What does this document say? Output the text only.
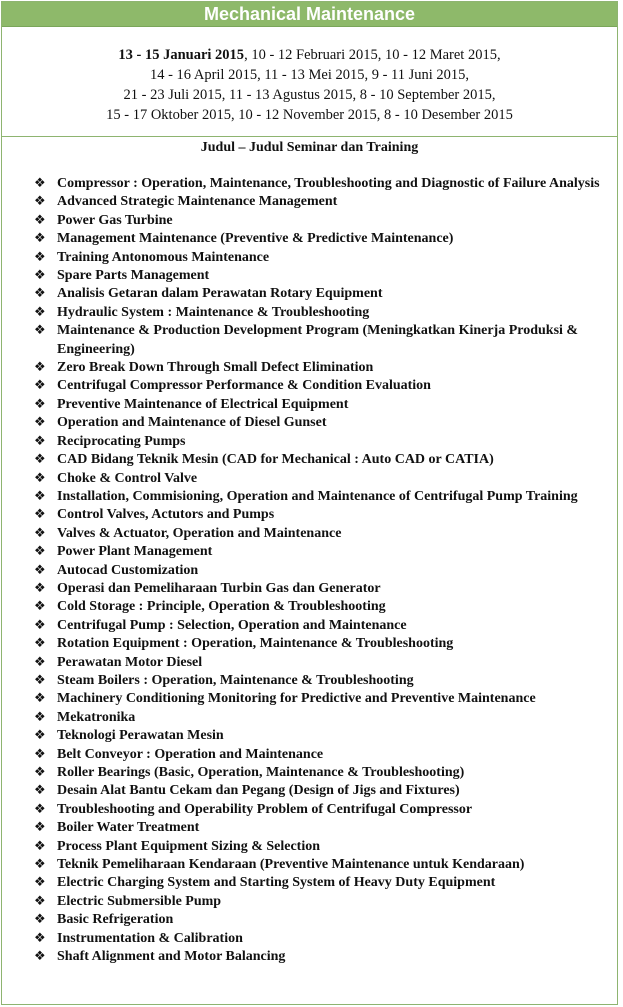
Mechanical Maintenance
13 - 15 Januari 2015, 10 - 12 Februari 2015, 10 - 12 Maret 2015,
14 - 16 April 2015, 11 - 13 Mei 2015, 9 - 11 Juni 2015,
21 - 23 Juli 2015, 11 - 13 Agustus 2015, 8 - 10 September 2015,
15 - 17 Oktober 2015, 10 - 12 November 2015, 8 - 10 Desember 2015
Judul – Judul Seminar dan Training
❖ Compressor : Operation, Maintenance, Troubleshooting and Diagnostic of Failure Analysis
❖ Advanced Strategic Maintenance Management
❖ Power Gas Turbine
❖ Management Maintenance (Preventive & Predictive Maintenance)
❖ Training Antonomous Maintenance
❖ Spare Parts Management
❖ Analisis Getaran dalam Perawatan Rotary Equipment
❖ Hydraulic System : Maintenance & Troubleshooting
❖ Maintenance & Production Development Program (Meningkatkan Kinerja Produksi & Engineering)
❖ Zero Break Down Through Small Defect Elimination
❖ Centrifugal Compressor Performance & Condition Evaluation
❖ Preventive Maintenance of Electrical Equipment
❖ Operation and Maintenance of Diesel Gunset
❖ Reciprocating Pumps
❖ CAD Bidang Teknik Mesin (CAD for Mechanical : Auto CAD or CATIA)
❖ Choke & Control Valve
❖ Installation, Commisioning, Operation and Maintenance of Centrifugal Pump Training
❖ Control Valves, Actutors and Pumps
❖ Valves & Actuator, Operation and Maintenance
❖ Power Plant Management
❖ Autocad Customization
❖ Operasi dan Pemeliharaan Turbin Gas dan Generator
❖ Cold Storage : Principle, Operation & Troubleshooting
❖ Centrifugal Pump : Selection, Operation and Maintenance
❖ Rotation Equipment : Operation, Maintenance & Troubleshooting
❖ Perawatan Motor Diesel
❖ Steam Boilers : Operation, Maintenance & Troubleshooting
❖ Machinery Conditioning Monitoring for Predictive and Preventive Maintenance
❖ Mekatronika
❖ Teknologi Perawatan Mesin
❖ Belt Conveyor : Operation and Maintenance
❖ Roller Bearings (Basic, Operation, Maintenance & Troubleshooting)
❖ Desain Alat Bantu Cekam dan Pegang (Design of Jigs and Fixtures)
❖ Troubleshooting and Operability Problem of Centrifugal Compressor
❖ Boiler Water Treatment
❖ Process Plant Equipment Sizing & Selection
❖ Teknik Pemeliharaan Kendaraan (Preventive Maintenance untuk Kendaraan)
❖ Electric Charging System and Starting System of Heavy Duty Equipment
❖ Electric Submersible Pump
❖ Basic Refrigeration
❖ Instrumentation & Calibration
❖ Shaft Alignment and Motor Balancing
